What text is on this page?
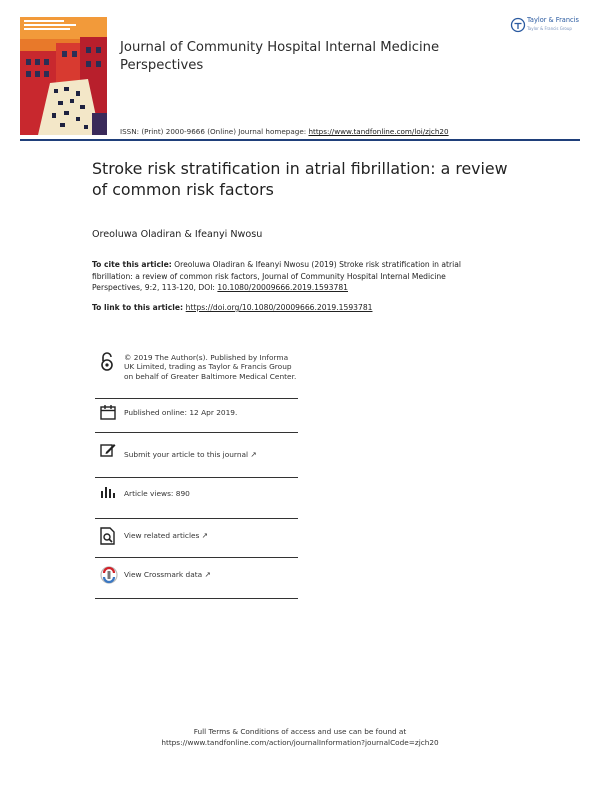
Journal of Community Hospital Internal Medicine Perspectives
Taylor & Francis
Taylor & Francis Group
ISSN: (Print) 2000-9666 (Online) Journal homepage: https://www.tandfonline.com/loi/zjch20
Stroke risk stratification in atrial fibrillation: a review of common risk factors
Oreoluwa Oladiran & Ifeanyi Nwosu
To cite this article: Oreoluwa Oladiran & Ifeanyi Nwosu (2019) Stroke risk stratification in atrial fibrillation: a review of common risk factors, Journal of Community Hospital Internal Medicine Perspectives, 9:2, 113-120, DOI: 10.1080/20009666.2019.1593781
To link to this article: https://doi.org/10.1080/20009666.2019.1593781
© 2019 The Author(s). Published by Informa UK Limited, trading as Taylor & Francis Group on behalf of Greater Baltimore Medical Center.
Published online: 12 Apr 2019.
Submit your article to this journal ↗
Article views: 890
View related articles ↗
View Crossmark data ↗
Full Terms & Conditions of access and use can be found at
https://www.tandfonline.com/action/journalInformation?journalCode=zjch20
